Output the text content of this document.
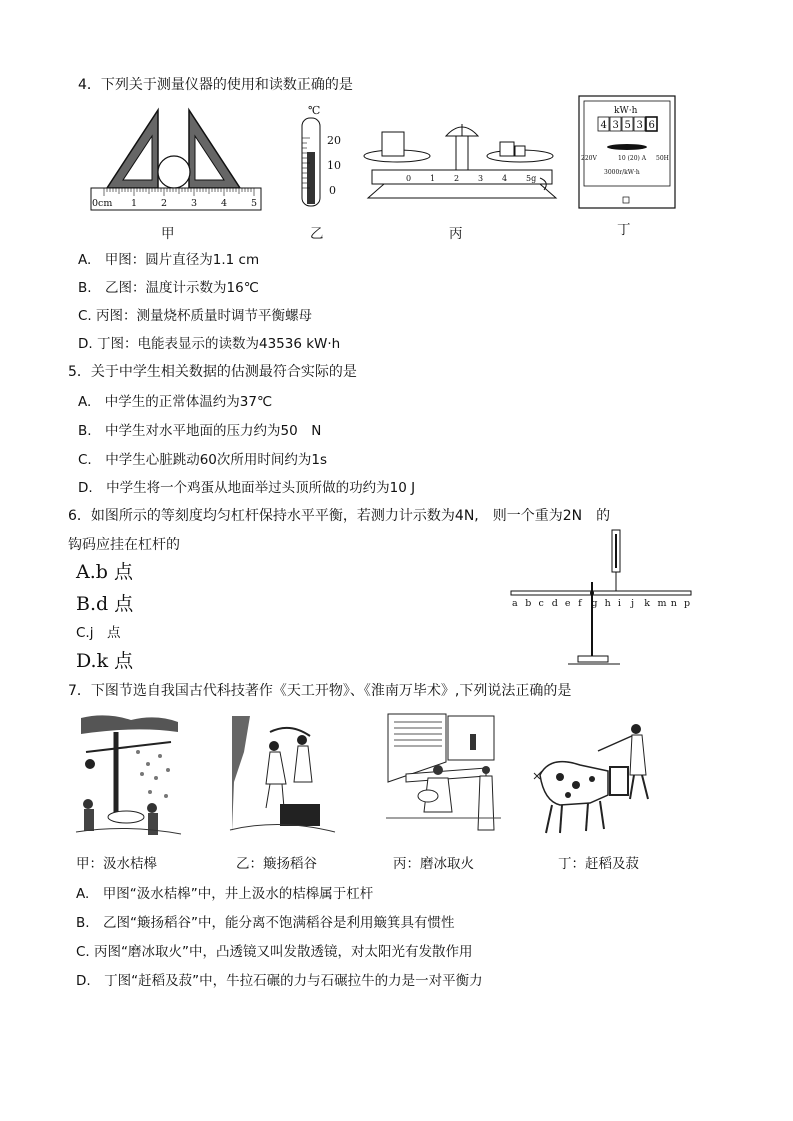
4．下列关于测量仪器的使用和读数正确的是
0cm 1	2	3	4	5
℃
20
10
0
0 1 2 3 4 5g
kW·h
4 3 5 3 6
220V	10 (20) A 50H
3000r/kW·h
甲	乙	丙	丁
A.　甲图：圆片直径为1.1 cm
B.　乙图：温度计示数为16℃
C. 丙图：测量烧杯质量时调节平衡螺母
D. 丁图：电能表显示的读数为43536 kW·h
5．关于中学生相关数据的估测最符合实际的是
A.　中学生的正常体温约为37℃
B.　中学生对水平地面的压力约为50　N
C.　中学生心脏跳动60次所用时间约为1s
D.　中学生将一个鸡蛋从地面举过头顶所做的功约为10 J
6．如图所示的等刻度均匀杠杆保持水平平衡，若测力计示数为4N,　则一个重为2N　的
钩码应挂在杠杆的
A.b 点
B.d 点
C.j　点
D.k 点
a b c d e f g h i j k m n p
7．下图节选自我国古代科技著作《天工开物》、《淮南万毕术》,下列说法正确的是
甲：汲水桔槔	乙：簸扬稻谷	丙：磨冰取火	丁：赶稻及菽
A.　甲图“汲水桔槔”中，井上汲水的桔槔属于杠杆
B.　乙图“簸扬稻谷”中，能分离不饱满稻谷是利用簸箕具有惯性
C. 丙图“磨冰取火”中，凸透镜又叫发散透镜，对太阳光有发散作用
D.　丁图“赶稻及菽”中，牛拉石碾的力与石碾拉牛的力是一对平衡力
